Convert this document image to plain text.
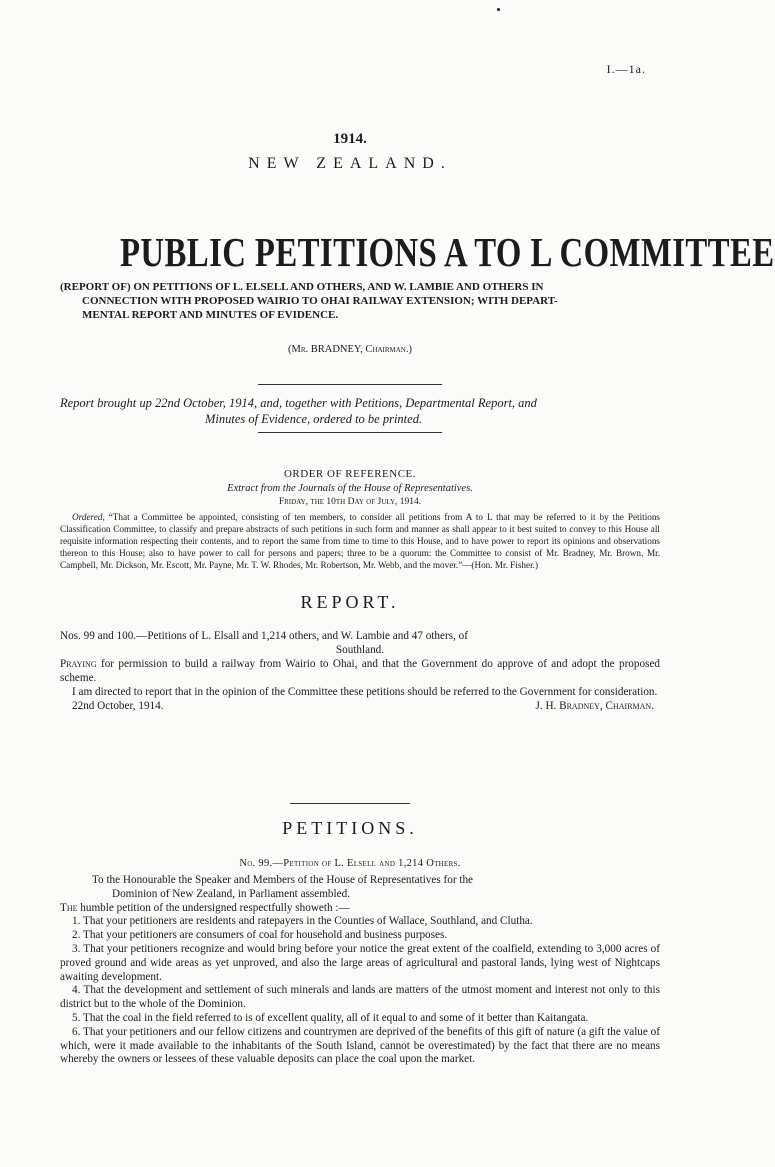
I.—1a.
1914.
NEW ZEALAND.
PUBLIC PETITIONS A TO L COMMITTEE

(REPORT OF) ON PETITIONS OF L. ELSELL AND OTHERS, AND W. LAMBIE AND OTHERS IN

CONNECTION WITH PROPOSED WAIRIO TO OHAI RAILWAY EXTENSION; WITH DEPART-

MENTAL REPORT AND MINUTES OF EVIDENCE.

(Mr. BRADNEY, Chairman.)
Report brought up 22nd October, 1914, and, together with Petitions, Departmental Report, and
Minutes of Evidence, ordered to be printed.
ORDER OF REFERENCE.
Extract from the Journals of the House of Representatives.
Friday, the 10th Day of July, 1914.

Ordered, “That a Committee be appointed, consisting of ten members, to consider all petitions from A to L that may be referred to it by the Petitions Classification Committee, to classify and prepare abstracts of such petitions in such form and manner as shall appear to it best suited to convey to this House all requisite information respecting their contents, and to report the same from time to time to this House, and to have power to report its opinions and observations thereon to this House; also to have power to call for persons and papers; three to be a quorum: the Committee to consist of Mr. Bradney, Mr. Brown, Mr. Campbell, Mr. Dickson, Mr. Escott, Mr. Payne, Mr. T. W. Rhodes, Mr. Robertson, Mr. Webb, and the mover.”—(Hon. Mr. Fisher.)

REPORT.

Nos. 99 and 100.—Petitions of L. Elsall and 1,214 others, and W. Lambie and 47 others, of
Southland.

Praying for permission to build a railway from Wairio to Ohai, and that the Government do approve of and adopt the proposed scheme.

I am directed to report that in the opinion of the Committee these petitions should be referred to the Government for consideration.

22nd October, 1914.	J. H. Bradney, Chairman.
PETITIONS.
No. 99.—Petition of L. Elsell and 1,214 Others.
To the Honourable the Speaker and Members of the House of Representatives for the
Dominion of New Zealand, in Parliament assembled.

The humble petition of the undersigned respectfully showeth :—

1. That your petitioners are residents and ratepayers in the Counties of Wallace, Southland, and Clutha.

2. That your petitioners are consumers of coal for household and business purposes.

3. That your petitioners recognize and would bring before your notice the great extent of the coalfield, extending to 3,000 acres of proved ground and wide areas as yet unproved, and also the large areas of agricultural and pastoral lands, lying west of Nightcaps awaiting development.

4. That the development and settlement of such minerals and lands are matters of the utmost moment and interest not only to this district but to the whole of the Dominion.

5. That the coal in the field referred to is of excellent quality, all of it equal to and some of it better than Kaitangata.

6. That your petitioners and our fellow citizens and countrymen are deprived of the benefits of this gift of nature (a gift the value of which, were it made available to the inhabitants of the South Island, cannot be overestimated) by the fact that there are no means whereby the owners or lessees of these valuable deposits can place the coal upon the market.
